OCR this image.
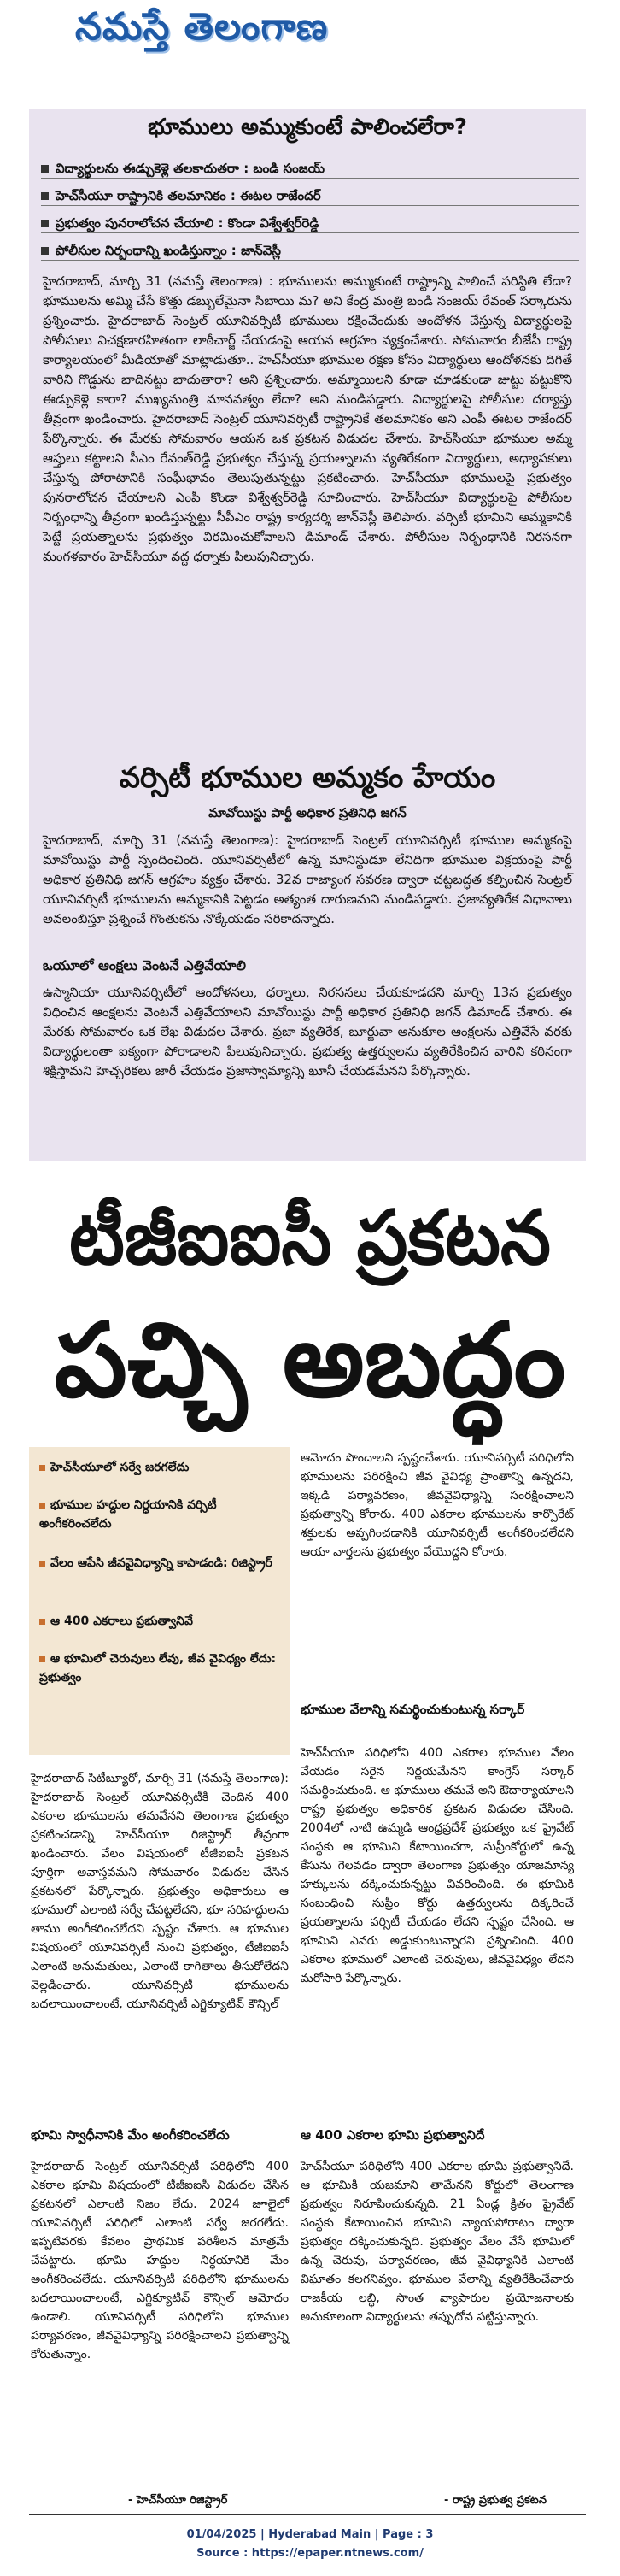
నమస్తే తెలంగాణ
భూములు అమ్ముకుంటే పాలించలేరా?
విద్యార్థులను ఈడ్చుకెళ్లె తలకాదుతరా : బండి సంజయ్
హెచ్‌సీయూ రాష్ట్రానికి తలమానికం : ఈటల రాజేందర్
ప్రభుత్వం పునరాలోచన చేయాలి : కొండా విశ్వేశ్వర్‌రెడ్డి
పోలీసుల నిర్బంధాన్ని ఖండిస్తున్నాం : జాన్‌వెస్లీ
హైదరాబాద్, మార్చి 31 (నమస్తే తెలంగాణ) : భూములను అమ్ముకుంటే రాష్ట్రాన్ని పాలించే పరిస్థితి లేదా? భూములను అమ్మి చేసే కొత్తు డబ్బులేమైనా సిబాయి మ? అని కేంద్ర మంత్రి బండి సంజయ్ రేవంత్ సర్కారును ప్రశ్నించారు. హైదరాబాద్ సెంట్రల్ యూనివర్సిటీ భూములు రక్షించేందుకు ఆందోళన చేస్తున్న విద్యార్థులపై పోలీసులు విచక్షణారహితంగా లాఠీచార్జ్ చేయడంపై ఆయన ఆగ్రహం వ్యక్తంచేశారు. సోమవారం బీజేపీ రాష్ట్ర కార్యాలయంలో మీడియాతో మాట్లాడుతూ.. హెచ్‌సీయూ భూముల రక్షణ కోసం విద్యార్థులు ఆందోళనకు దిగితే వారిని గొడ్డును బాదినట్టు బాదుతారా? అని ప్రశ్నించారు. అమ్మాయిలని కూడా చూడకుండా జుట్టు పట్టుకొని ఈడ్చుకెళ్లె కారా? ముఖ్యమంత్రి మానవత్వం లేదా? అని మండిపడ్డారు. విద్యార్థులపై పోలీసుల దర్యాప్తు తీవ్రంగా ఖండించారు. హైదరాబాద్ సెంట్రల్ యూనివర్సిటీ రాష్ట్రానికే తలమానికం అని ఎంపీ ఈటల రాజేందర్ పేర్కొన్నారు. ఈ మేరకు సోమవారం ఆయన ఒక ప్రకటన విడుదల చేశారు. హెచ్‌సీయూ భూముల అమ్మ ఆప్తులు కట్టాలని సీఎం రేవంత్‌రెడ్డి ప్రభుత్వం చేస్తున్న ప్రయత్నాలను వ్యతిరేకంగా విద్యార్థులు, అధ్యాపకులు చేస్తున్న పోరాటానికి సంఘీభావం తెలుపుతున్నట్టు ప్రకటించారు. హెచ్‌సీయూ భూములపై ప్రభుత్వం పునరాలోచన చేయాలని ఎంపీ కొండా విశ్వేశ్వర్‌రెడ్డి సూచించారు. హెచ్‌సీయూ విద్యార్థులపై పోలీసుల నిర్బంధాన్ని తీవ్రంగా ఖండిస్తున్నట్టు సీపీఎం రాష్ట్ర కార్యదర్శి జాన్‌వెస్లీ తెలిపారు. వర్సిటీ భూమిని అమ్మకానికి పెట్టే ప్రయత్నాలను ప్రభుత్వం విరమించుకోవాలని డిమాండ్ చేశారు. పోలీసుల నిర్బంధానికి నిరసనగా మంగళవారం హెచ్‌సీయూ వద్ద ధర్నాకు పిలుపునిచ్చారు.
వర్సిటీ భూముల అమ్మకం హేయం
మావోయిస్టు పార్టీ అధికార ప్రతినిధి జగన్
హైదరాబాద్, మార్చి 31 (నమస్తే తెలంగాణ): హైదరాబాద్ సెంట్రల్ యూనివర్సిటీ భూముల అమ్మకంపై మావోయిస్టు పార్టీ స్పందించింది. యూనివర్సిటీలో ఉన్న మానిస్టుడూ లేనిదిగా భూముల విక్రయంపై పార్టీ అధికార ప్రతినిధి జగన్ ఆగ్రహం వ్యక్తం చేశారు. 32వ రాజ్యాంగ సవరణ ద్వారా చట్టబద్ధత కల్పించిన సెంట్రల్ యూనివర్సిటీ భూములను అమ్మకానికి పెట్టడం అత్యంత దారుణమని మండిపడ్డారు. ప్రజావ్యతిరేక విధానాలు అవలంబిస్తూ ప్రశ్నించే గొంతుకను నొక్కేయడం సరికాదన్నారు.
ఒయూలో ఆంక్షలు వెంటనే ఎత్తివేయాలి
ఉస్మానియా యూనివర్సిటీలో ఆందోళనలు, ధర్నాలు, నిరసనలు చేయకూడదని మార్చి 13న ప్రభుత్వం విధించిన ఆంక్షలను వెంటనే ఎత్తివేయాలని మావోయిస్టు పార్టీ అధికార ప్రతినిధి జగన్ డిమాండ్ చేశారు. ఈ మేరకు సోమవారం ఒక లేఖ విడుదల చేశారు. ప్రజా వ్యతిరేక, బూర్జువా అనుకూల ఆంక్షలను ఎత్తివేసే వరకు విద్యార్థులంతా ఐక్యంగా పోరాడాలని పిలుపునిచ్చారు. ప్రభుత్వ ఉత్తర్వులను వ్యతిరేకించిన వారిని కఠినంగా శిక్షిస్తామని హెచ్చరికలు జారీ చేయడం ప్రజాస్వామ్యాన్ని ఖూనీ చేయడమేనని పేర్కొన్నారు.
టీజీఐఐసీ ప్రకటన
పచ్చి అబద్ధం
హెచ్‌సీయూలో సర్వే జరగలేదు
భూముల హద్దుల నిర్ధయానికి వర్సిటీ అంగీకరించలేదు
వేలం ఆపేసి జీవవైవిధ్యాన్ని కాపాడండి: రిజిస్ట్రార్
ఆ 400 ఎకరాలు ప్రభుత్వానివే
ఆ భూమిలో చెరువులు లేవు, జీవ వైవిధ్యం లేదు: ప్రభుత్వం
హైదరాబాద్ సిటీబ్యూరో, మార్చి 31 (నమస్తే తెలంగాణ): హైదరాబాద్ సెంట్రల్ యూనివర్సిటీకి చెందిన 400 ఎకరాల భూములను తమవేనని తెలంగాణ ప్రభుత్వం ప్రకటించడాన్ని హెచ్‌సీయూ రిజిస్ట్రార్ తీవ్రంగా ఖండించారు. వేలం విషయంలో టీజీఐఐసీ ప్రకటన పూర్తిగా అవాస్తవమని సోమవారం విడుదల చేసిన ప్రకటనలో పేర్కొన్నారు. ప్రభుత్వం అధికారులు ఆ భూములో ఎలాంటి సర్వే చేపట్టలేదని, భూ సరిహద్దులను తాము అంగీకరించలేదని స్పష్టం చేశారు. ఆ భూముల విషయంలో యూనివర్సిటీ నుంచి ప్రభుత్వం, టీజీఐఐసీ ఎలాంటి అనుమతులు, ఎలాంటి కాగితాలు తీసుకోలేదని వెల్లడించారు. యూనివర్సిటీ భూములను బదలాయించాలంటే, యూనివర్సిటీ ఎగ్జిక్యూటివ్ కౌన్సిల్
ఆమోదం పొందాలని స్పష్టంచేశారు. యూనివర్సిటీ పరిధిలోని భూములను పరిరక్షించి జీవ వైవిధ్య ప్రాంతాన్ని ఉన్నదని, ఇక్కడి పర్యావరణం, జీవవైవిధ్యాన్ని సంరక్షించాలని ప్రభుత్వాన్ని కోరారు. 400 ఎకరాల భూములను కార్పొరేట్ శక్తులకు అప్పగించడానికి యూనివర్సిటీ అంగీకరించలేదని ఆయా వార్తలను ప్రభుత్వం వేయొద్దని కోరారు.
భూముల వేలాన్ని సమర్థించుకుంటున్న సర్కార్
హెచ్‌సీయూ పరిధిలోని 400 ఎకరాల భూముల వేలం వేయడం సరైన నిర్ణయమేనని కాంగ్రెస్ సర్కార్ సమర్థించుకుంది. ఆ భూములు తమవే అని ఔదార్యాయాలని రాష్ట్ర ప్రభుత్వం అధికారిక ప్రకటన విడుదల చేసింది. 2004లో నాటి ఉమ్మడి ఆంధ్రప్రదేశ్ ప్రభుత్వం ఒక ప్రైవేట్ సంస్థకు ఆ భూమిని కేటాయించగా, సుప్రీంకోర్టులో ఉన్న కేసును గెలవడం ద్వారా తెలంగాణ ప్రభుత్వం యాజమాన్య హక్కులను దక్కించుకున్నట్టు వివరించింది. ఈ భూమికి సంబంధించి సుప్రీం కోర్టు ఉత్తర్వులను దిక్కరించే ప్రయత్నాలను పర్సిటీ చేయడం లేదని స్పష్టం చేసింది. ఆ భూమిని ఎవరు అడ్డుకుంటున్నారని ప్రశ్నించింది. 400 ఎకరాల భూములో ఎలాంటి చెరువులు, జీవవైవిధ్యం లేదని మరోసారి పేర్కొన్నారు.
భూమి స్వాధీనానికి మేం అంగీకరించలేదు
హైదరాబాద్ సెంట్రల్ యూనివర్సిటీ పరిధిలోని 400 ఎకరాల భూమి విషయంలో టీజీఐఐసీ విడుదల చేసిన ప్రకటనలో ఎలాంటి నిజం లేదు. 2024 జూలైలో యూనివర్సిటీ పరిధిలో ఎలాంటి సర్వే జరగలేదు. ఇప్పటివరకు కేవలం ప్రాథమిక పరిశీలన మాత్రమే చేపట్టారు. భూమి హద్దుల నిర్ధయానికి మేం అంగీకరించలేదు. యూనివర్సిటీ పరిధిలోని భూములను బదలాయించాలంటే, ఎగ్జిక్యూటివ్ కౌన్సిల్ ఆమోదం ఉండాలి. యూనివర్సిటీ పరిధిలోని భూముల పర్యావరణం, జీవవైవిధ్యాన్ని పరిరక్షించాలని ప్రభుత్వాన్ని కోరుతున్నాం.
- హెచ్‌సీయూ రిజిస్ట్రార్
ఆ 400 ఎకరాల భూమి ప్రభుత్వానిదే
హెచ్‌సీయూ పరిధిలోని 400 ఎకరాల భూమి ప్రభుత్వానిదే. ఆ భూమికి యజమాని తామేనని కోర్టులో తెలంగాణ ప్రభుత్వం నిరూపించుకున్నది. 21 ఏండ్ల క్రితం ప్రైవేట్ సంస్థకు కేటాయించిన భూమిని న్యాయపోరాటం ద్వారా ప్రభుత్వం దక్కించుకున్నది. ప్రభుత్వం వేలం వేసే భూమిలో ఉన్న చెరువు, పర్యావరణం, జీవ వైవిధ్యానికి ఎలాంటి విఘాతం కలగనివ్వం. భూముల వేలాన్ని వ్యతిరేకించేవారు రాజకీయ లబ్ధి, సొంత వ్యాపారుల ప్రయోజనాలకు అనుకూలంగా విద్యార్థులను తప్పుదోవ పట్టిస్తున్నారు.
- రాష్ట్ర ప్రభుత్వ ప్రకటన
01/04/2025 | Hyderabad Main | Page : 3
Source : https://epaper.ntnews.com/
